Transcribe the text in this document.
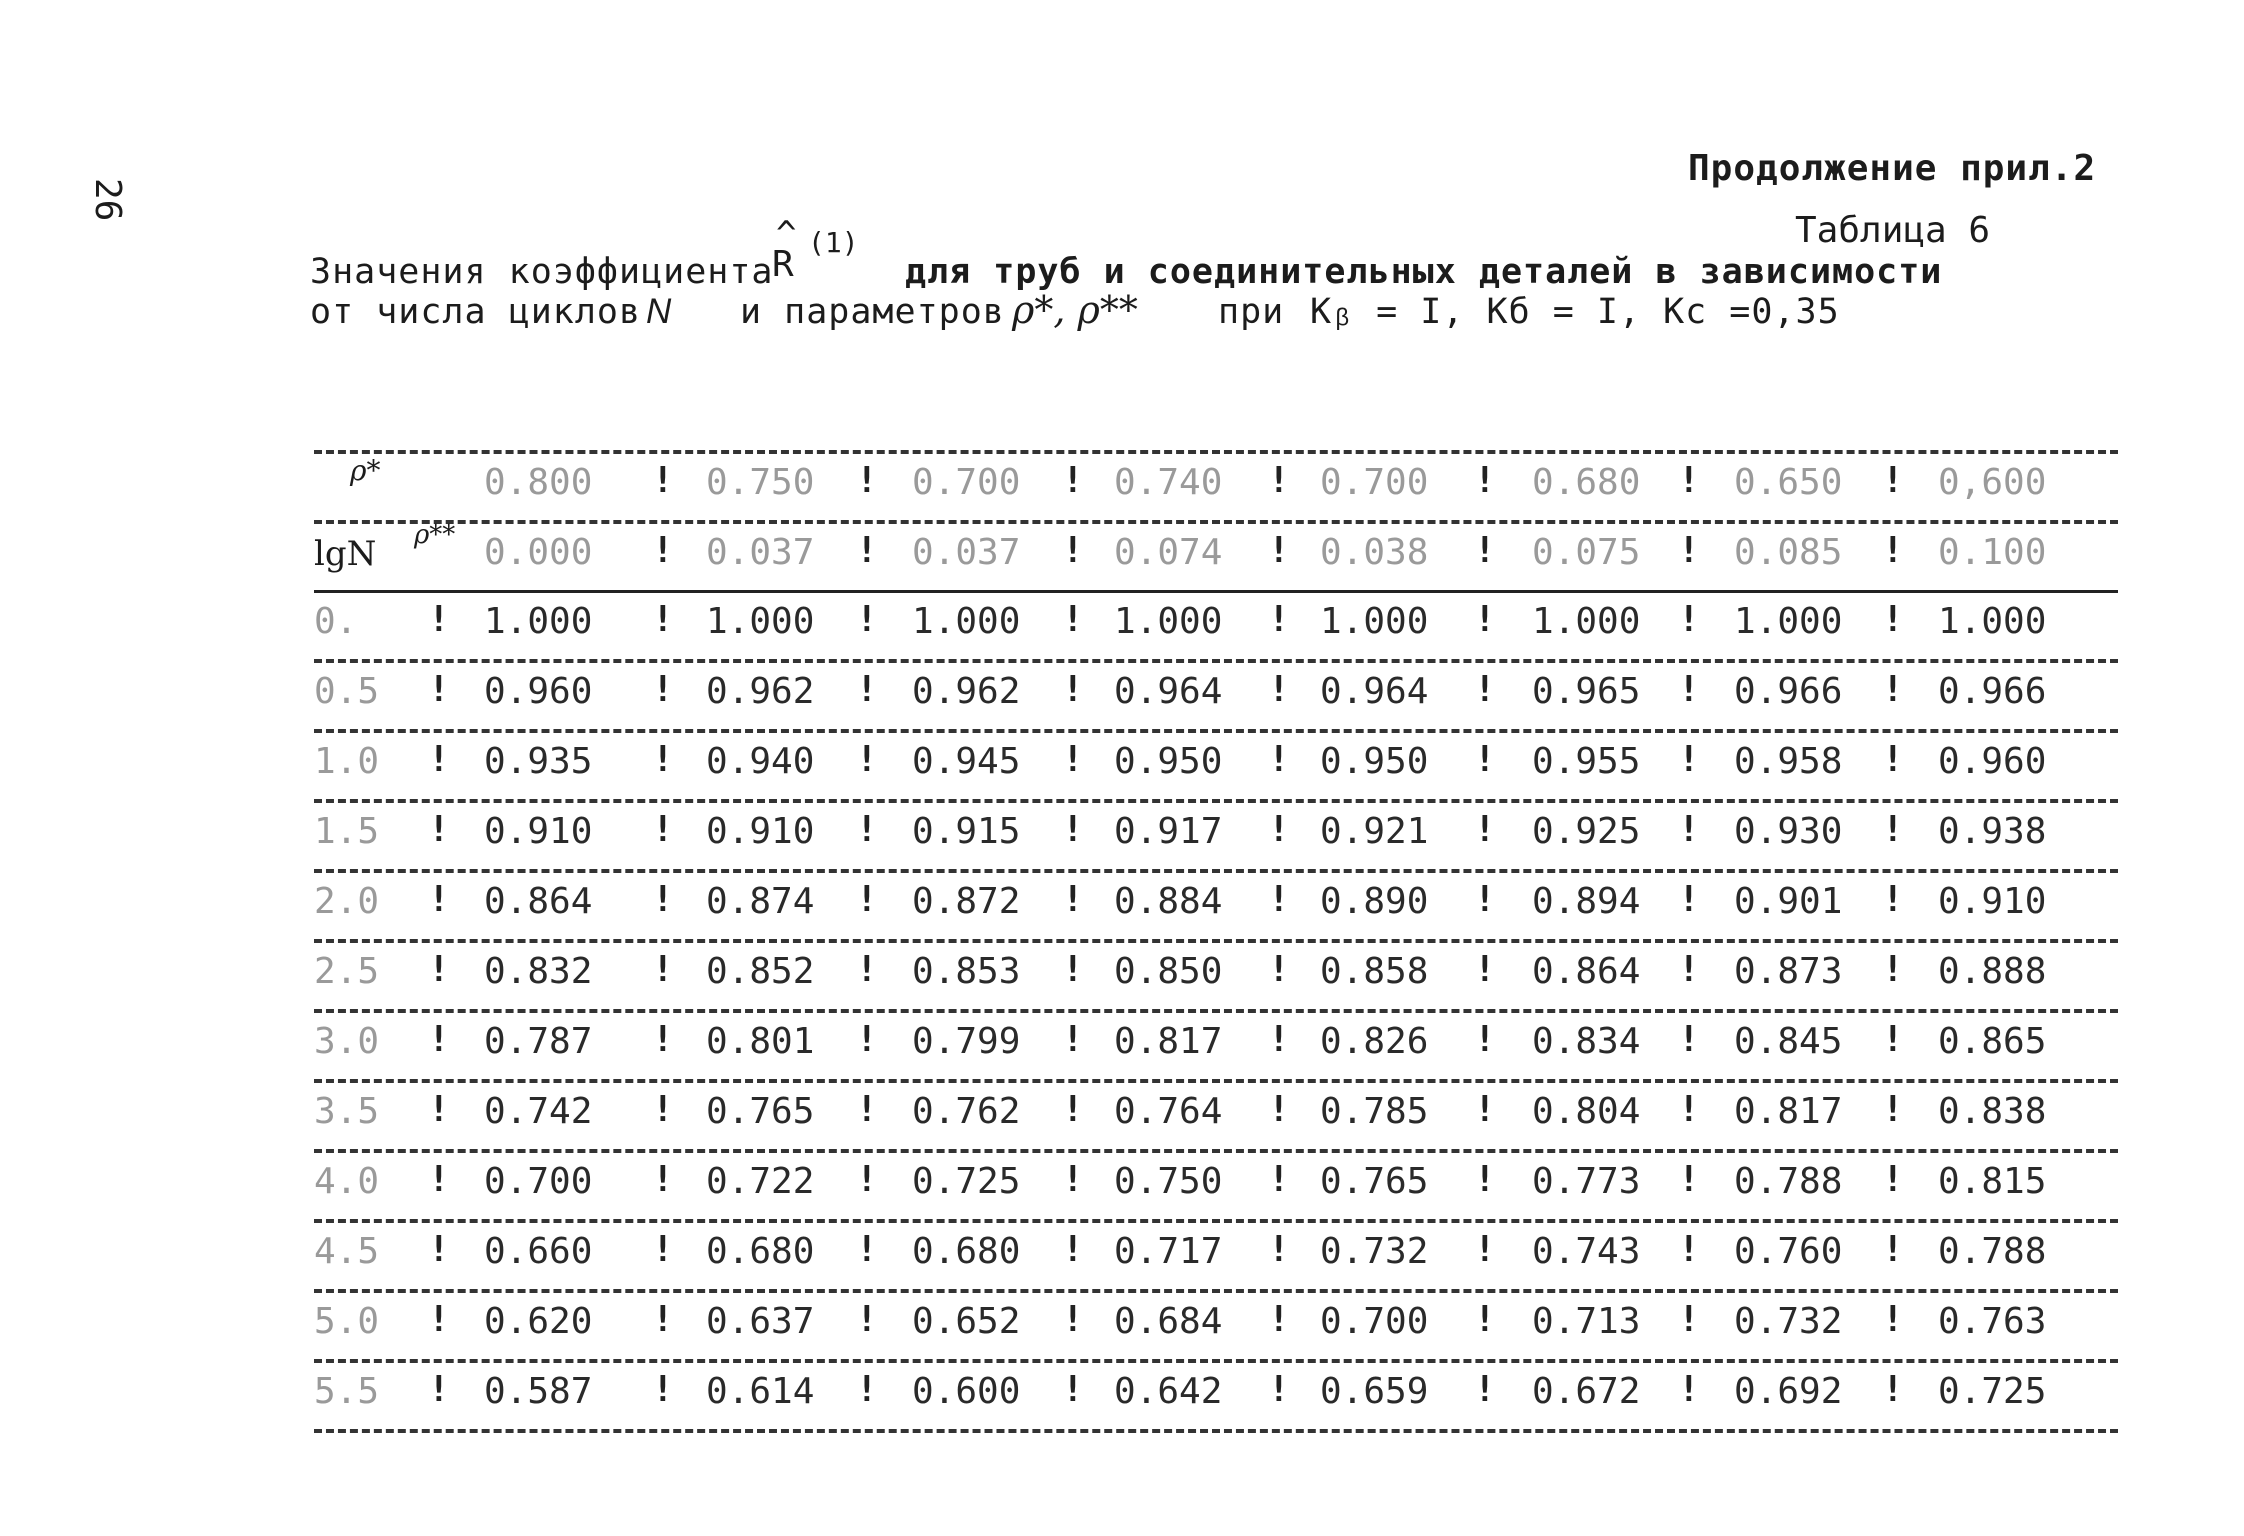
26
Продолжение прил.2
Таблица 6
Значения коэффициента
^
R
(1)
для труб и соединительных деталей в зависимости
от числа циклов N и параметров ρ*, ρ** при Kᵦ = I, Kб = I, Kс =0,35
ρ*	0.800	0.750	0.700	0.740	0.700	0.680	0.650	0,600
!	!	!	!	!	!	!
lgN ρ** 0.000	0.037	0.037	0.074	0.038	0.075	0.085	0.100
!	!	!	!	!	!	!
0.	1.000	1.000	1.000	1.000	1.000	1.000	1.000	1.000
!	!	!	!	!	!	!	!
0.5	0.960	0.962	0.962	0.964	0.964	0.965	0.966	0.966
!	!	!	!	!	!	!	!
1.0	0.935	0.940	0.945	0.950	0.950	0.955	0.958	0.960
!	!	!	!	!	!	!	!
1.5	0.910	0.910	0.915	0.917	0.921	0.925	0.930	0.938
!	!	!	!	!	!	!	!
2.0	0.864	0.874	0.872	0.884	0.890	0.894	0.901	0.910
!	!	!	!	!	!	!	!
2.5	0.832	0.852	0.853	0.850	0.858	0.864	0.873	0.888
!	!	!	!	!	!	!	!
3.0	0.787	0.801	0.799	0.817	0.826	0.834	0.845	0.865
!	!	!	!	!	!	!	!
3.5	0.742	0.765	0.762	0.764	0.785	0.804	0.817	0.838
!	!	!	!	!	!	!	!
4.0	0.700	0.722	0.725	0.750	0.765	0.773	0.788	0.815
!	!	!	!	!	!	!	!
4.5	0.660	0.680	0.680	0.717	0.732	0.743	0.760	0.788
!	!	!	!	!	!	!	!
5.0	0.620	0.637	0.652	0.684	0.700	0.713	0.732	0.763
!	!	!	!	!	!	!	!
5.5	0.587	0.614	0.600	0.642	0.659	0.672	0.692	0.725
!	!	!	!	!	!	!	!
